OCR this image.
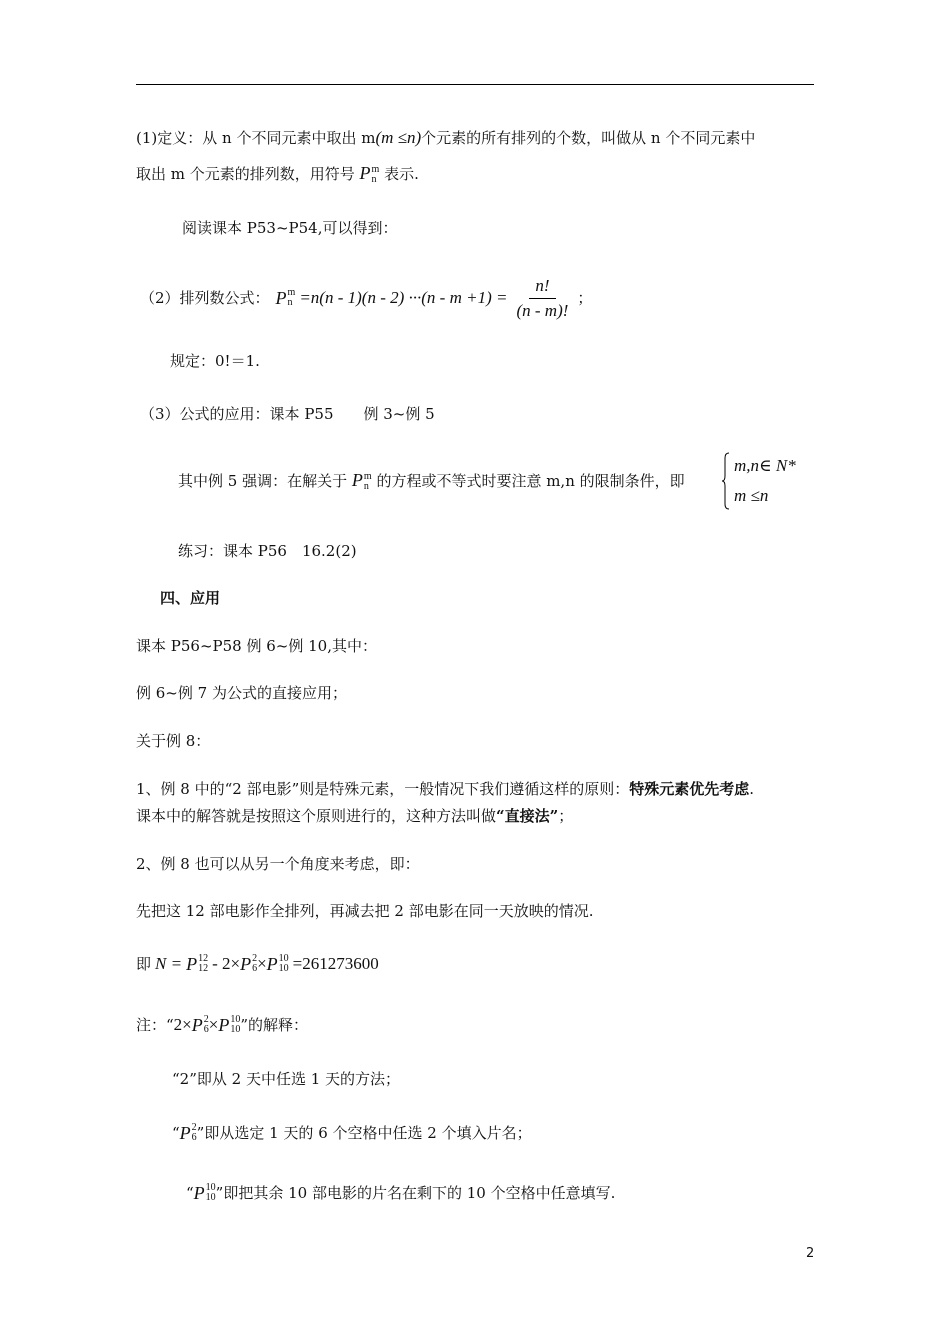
(1)定义：从 n 个不同元素中取出 m(m ≤n)个元素的所有排列的个数，叫做从 n 个不同元素中
取出 m 个元素的排列数，用符号 P m
n 表示.
阅读课本 P53~P54,可以得到：
（2）排列数公式： P m
$n =n(n - 1)(n - 2) \cdot\cdot\cdot(n - m +1) = \frac{n!}{(n - m)!}$ ；
规定：0!＝1.
（3）公式的应用：课本 P55　　例 3~例 5
其中例 5 强调：在解关于 P m
n 的方程或不等式时要注意 m,n 的限制条件，即
m,n∈ N*
m ≤n
练习：课本 P56　16.2(2)
四、应用
课本 P56~P58 例 6~例 10,其中：
例 6~例 7 为公式的直接应用；
关于例 8：
1、例 8 中的“2 部电影”则是特殊元素，一般情况下我们遵循这样的原则：特殊元素优先考虑.
课本中的解答就是按照这个原则进行的，这种方法叫做“直接法”；
2、例 8 也可以从另一个角度来考虑，即：
先把这 12 部电影作全排列，再减去把 2 部电影在同一天放映的情况.
即 N = P 12
12 - 2× P 2
6 × P 10
10 =261273600
注：“ 2× P 2
6 × P 10
10 ”的解释：
“2”即从 2 天中任选 1 天的方法；
“ P 2
6 ”即从选定 1 天的 6 个空格中任选 2 个填入片名；
“ P 10
10 ”即把其余 10 部电影的片名在剩下的 10 个空格中任意填写.
2
